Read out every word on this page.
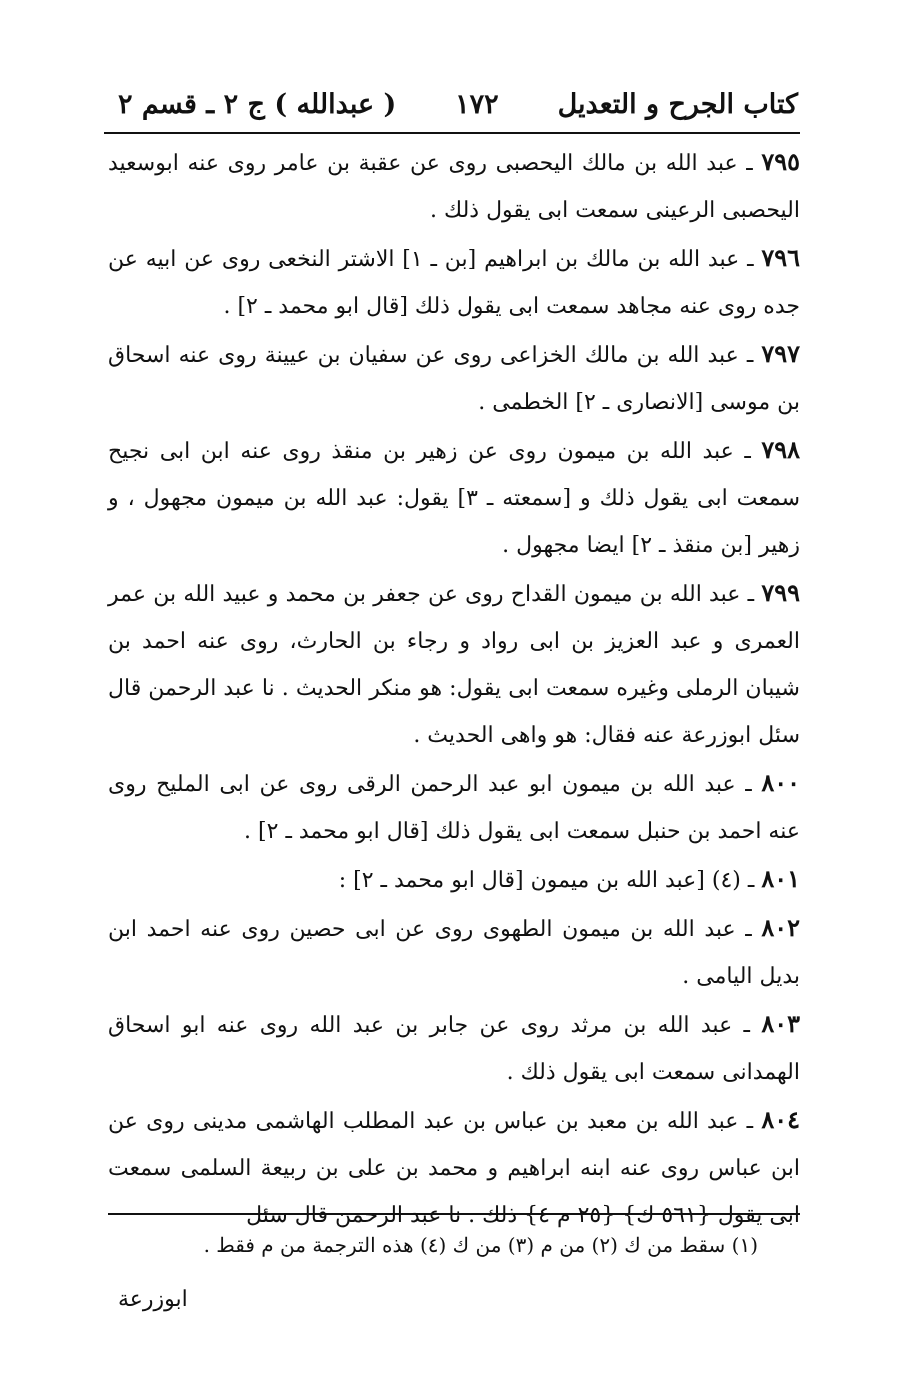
كتاب الجرح و التعديل
١٧٢
( عبدالله ) ج ٢ ـ قسم ٢

٧٩٥ ـ عبد الله بن مالك اليحصبى روى عن عقبة بن عامر روى عنه ابوسعيد اليحصبى الرعينى سمعت ابى يقول ذلك .

٧٩٦ ـ عبد الله بن مالك بن ابراهيم [بن ـ ١] الاشتر النخعى روى عن ابيه عن جده روى عنه مجاهد سمعت ابى يقول ذلك [قال ابو محمد ـ ٢] .

٧٩٧ ـ عبد الله بن مالك الخزاعى روى عن سفيان بن عيينة روى عنه اسحاق بن موسى [الانصارى ـ ٢] الخطمى .

٧٩٨ ـ عبد الله بن ميمون روى عن زهير بن منقذ روى عنه ابن ابى نجيح سمعت ابى يقول ذلك و [سمعته ـ ٣] يقول: عبد الله بن ميمون مجهول ، و زهير [بن منقذ ـ ٢] ايضا مجهول .

٧٩٩ ـ عبد الله بن ميمون القداح روى عن جعفر بن محمد و عبيد الله بن عمر العمرى و عبد العزيز بن ابى رواد و رجاء بن الحارث، روى عنه احمد بن شيبان الرملى وغيره سمعت ابى يقول: هو منكر الحديث . نا عبد الرحمن قال سئل ابوزرعة عنه فقال: هو واهى الحديث .

٨٠٠ ـ عبد الله بن ميمون ابو عبد الرحمن الرقى روى عن ابى المليح روى عنه احمد بن حنبل سمعت ابى يقول ذلك [قال ابو محمد ـ ٢] .

٨٠١ ـ (٤) [عبد الله بن ميمون [قال ابو محمد ـ ٢] :

٨٠٢ ـ عبد الله بن ميمون الطهوى روى عن ابى حصين روى عنه احمد ابن بديل اليامى .

٨٠٣ ـ عبد الله بن مرثد روى عن جابر بن عبد الله روى عنه ابو اسحاق الهمدانى سمعت ابى يقول ذلك .

٨٠٤ ـ عبد الله بن معبد بن عباس بن عبد المطلب الهاشمى مدينى روى عن ابن عباس روى عنه ابنه ابراهيم و محمد بن على بن ربيعة السلمى سمعت ابى يقول {٥٦١ ك} {٢٥ م ٤} ذلك . نا عبد الرحمن قال سئل

(١) سقط من ك (٢) من م (٣) من ك (٤) هذه الترجمة من م فقط .
ابوزرعة
